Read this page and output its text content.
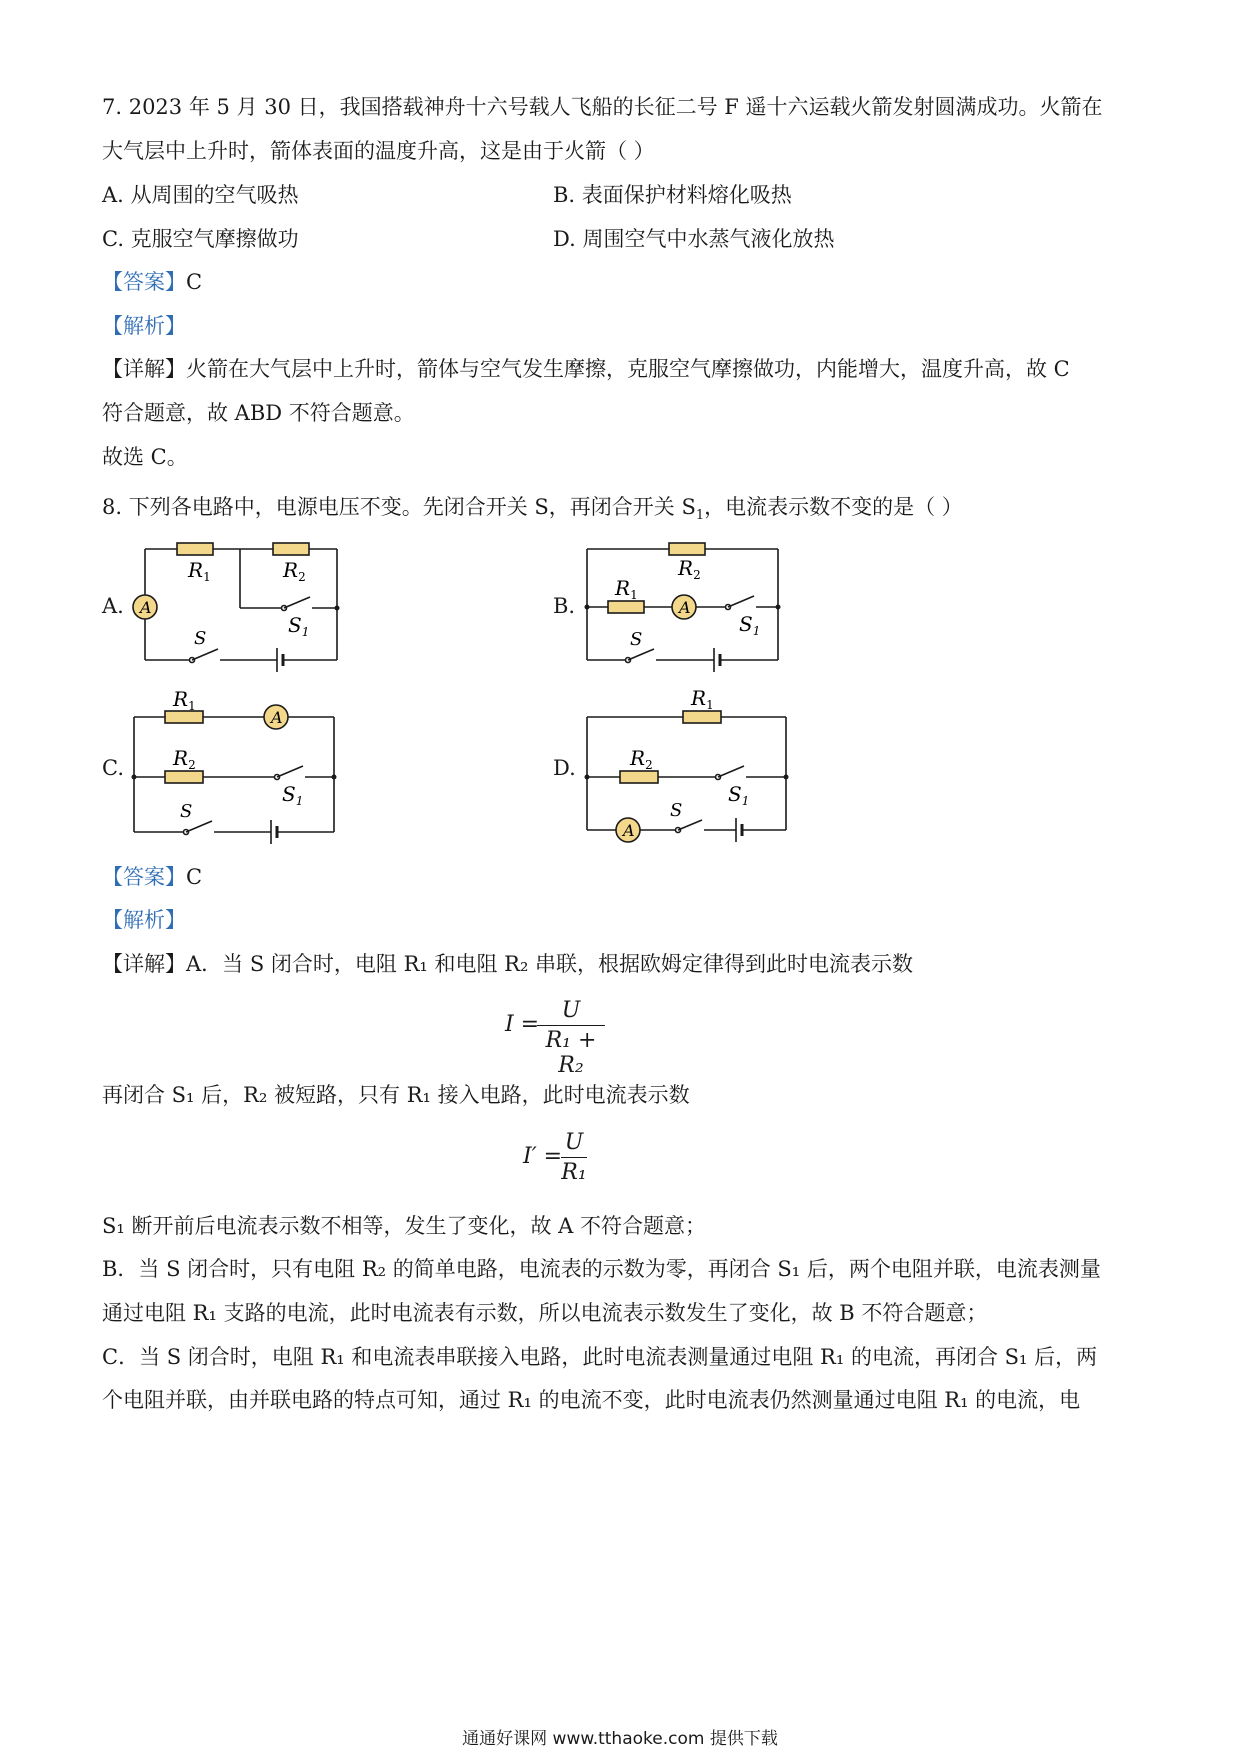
7. 2023 年 5 月 30 日，我国搭载神舟十六号载人飞船的长征二号 F 遥十六运载火箭发射圆满成功。火箭在
大气层中上升时，箭体表面的温度升高，这是由于火箭（ ）
A. 从周围的空气吸热	B. 表面保护材料熔化吸热
C. 克服空气摩擦做功	D. 周围空气中水蒸气液化放热
【答案】C
【解析】
【详解】火箭在大气层中上升时，箭体与空气发生摩擦，克服空气摩擦做功，内能增大，温度升高，故 C
符合题意，故 ABD 不符合题意。
故选 C。
8. 下列各电路中，电源电压不变。先闭合开关 S，再闭合开关 $S_1$，电流表示数不变的是（ ）
A. A
$R_1$	$R_2$
$S_1$
S
B.	A
$R_2$
$R_1$
$S_1$
S
C.
A
$R_1$
$R_2$
$S_1$
S
D.
A
$R_1$
$R_2$
$S_1$
S
【答案】C
【解析】
【详解】A．当 S 闭合时，电阻 R₁ 和电阻 R₂ 串联，根据欧姆定律得到此时电流表示数
I =
U
R₁ + R₂
再闭合 S₁ 后，R₂ 被短路，只有 R₁ 接入电路，此时电流表示数
I′ =
U
R₁
S₁ 断开前后电流表示数不相等，发生了变化，故 A 不符合题意；
B．当 S 闭合时，只有电阻 R₂ 的简单电路，电流表的示数为零，再闭合 S₁ 后，两个电阻并联，电流表测量
通过电阻 R₁ 支路的电流，此时电流表有示数，所以电流表示数发生了变化，故 B 不符合题意；
C．当 S 闭合时，电阻 R₁ 和电流表串联接入电路，此时电流表测量通过电阻 R₁ 的电流，再闭合 S₁ 后，两
个电阻并联，由并联电路的特点可知，通过 R₁ 的电流不变，此时电流表仍然测量通过电阻 R₁ 的电流，电
通通好课网 www.tthaoke.com 提供下载
